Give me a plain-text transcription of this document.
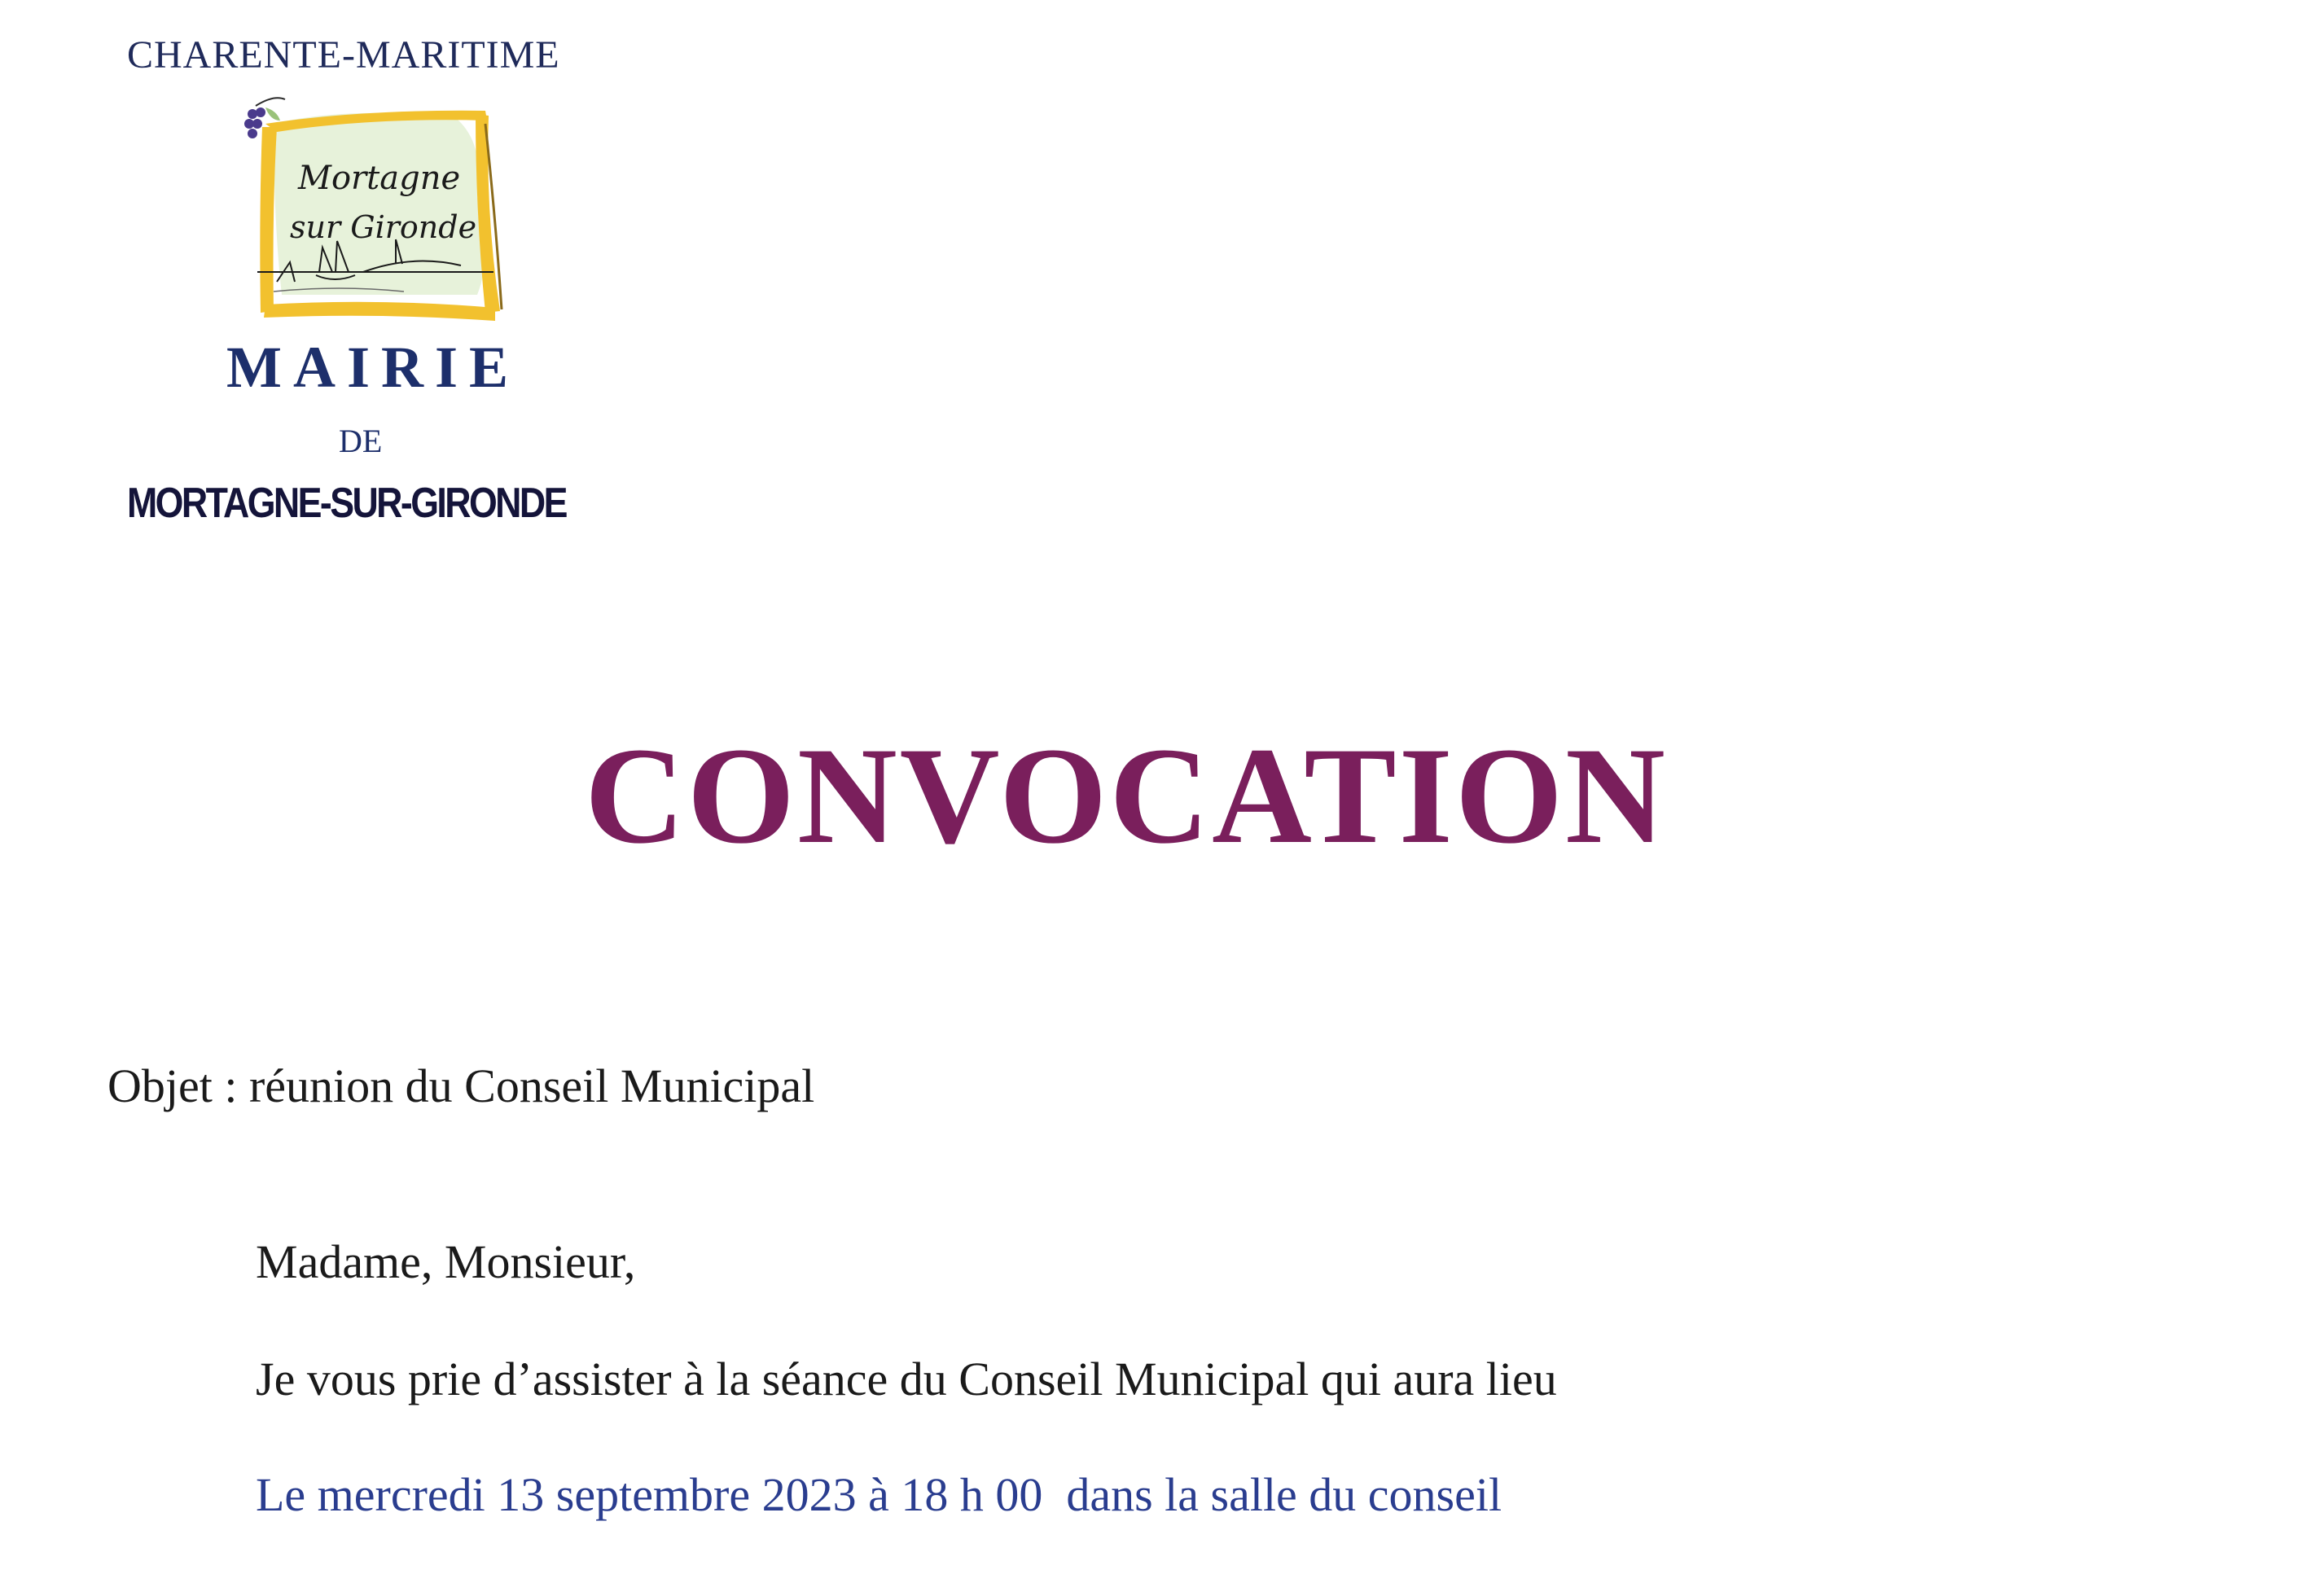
CHARENTE-MARITIME
Mortagne
sur Gironde
MAIRIE
DE
MORTAGNE-SUR-GIRONDE
CONVOCATION
Objet : réunion du Conseil Municipal
Madame, Monsieur,
Je vous prie d’assister à la séance du Conseil Municipal qui aura lieu
Le mercredi 13 septembre 2023 à 18 h 00  dans la salle du conseil
